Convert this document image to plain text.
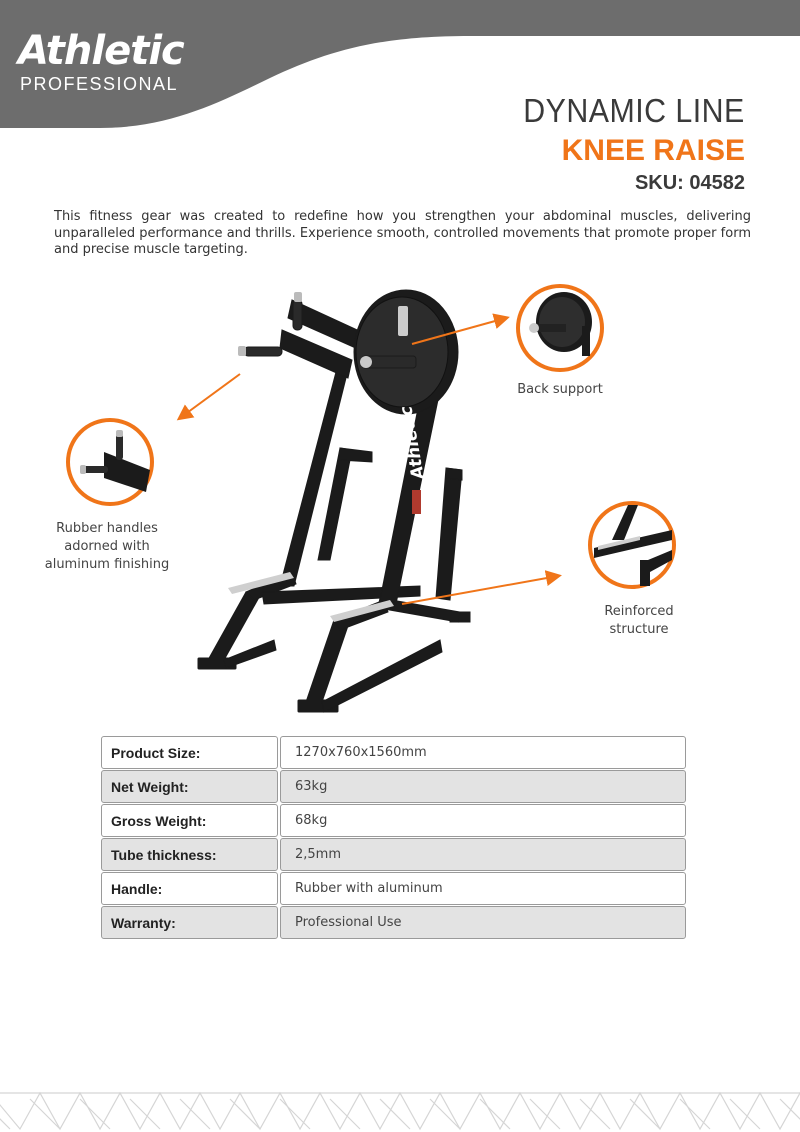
Athletic
PROFESSIONAL
DYNAMIC LINE
KNEE RAISE
SKU: 04582

This fitness gear was created to redefine how you strengthen your abdominal muscles, delivering unparalleled performance and thrills. Experience smooth, controlled movements that promote proper form and precise muscle targeting.

Athletic
Back support
Rubber handles
adorned with
aluminum finishing
Reinforced
structure
Product Size:	1270x760x1560mm
Net Weight:	63kg
Gross Weight:	68kg
Tube thickness:	2,5mm
Handle:	Rubber with aluminum
Warranty:	Professional Use
